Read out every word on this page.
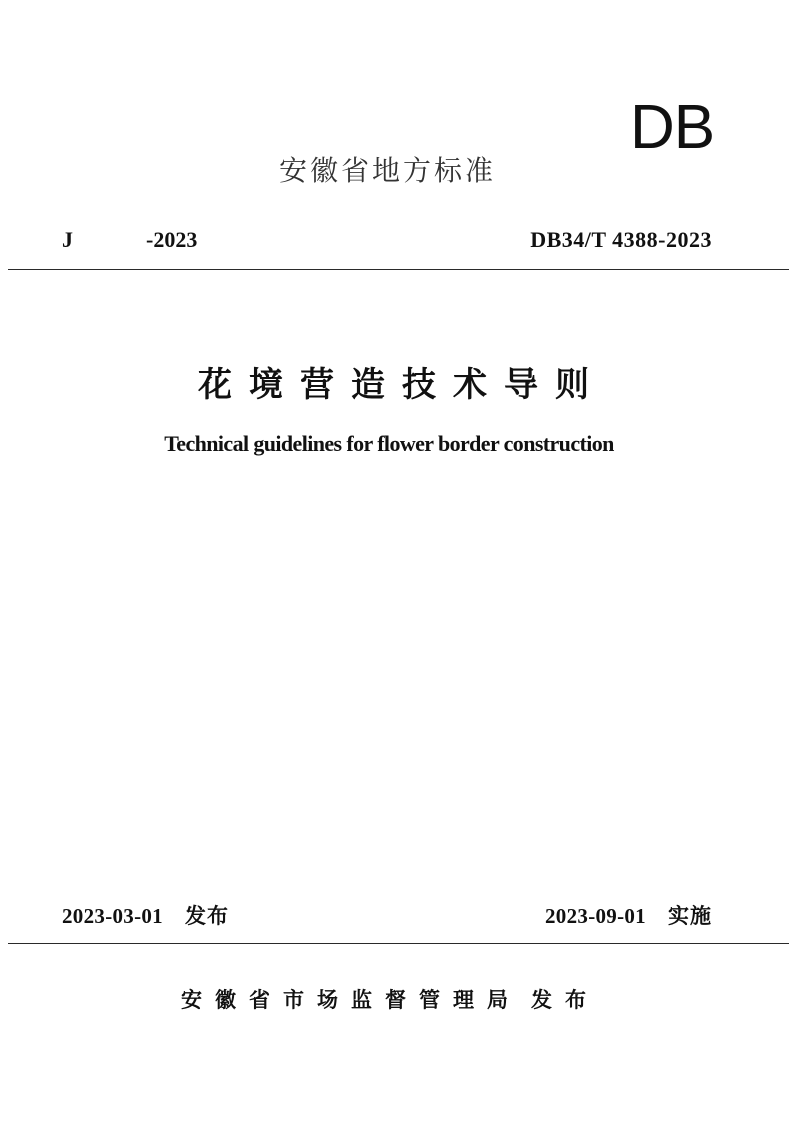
DB
安徽省地方标准
J	-2023	DB34/T 4388-2023
花境营造技术导则
Technical guidelines for flower border construction
2023-03-01 发布	2023-09-01 实施
安徽省市场监督管理局 发布
